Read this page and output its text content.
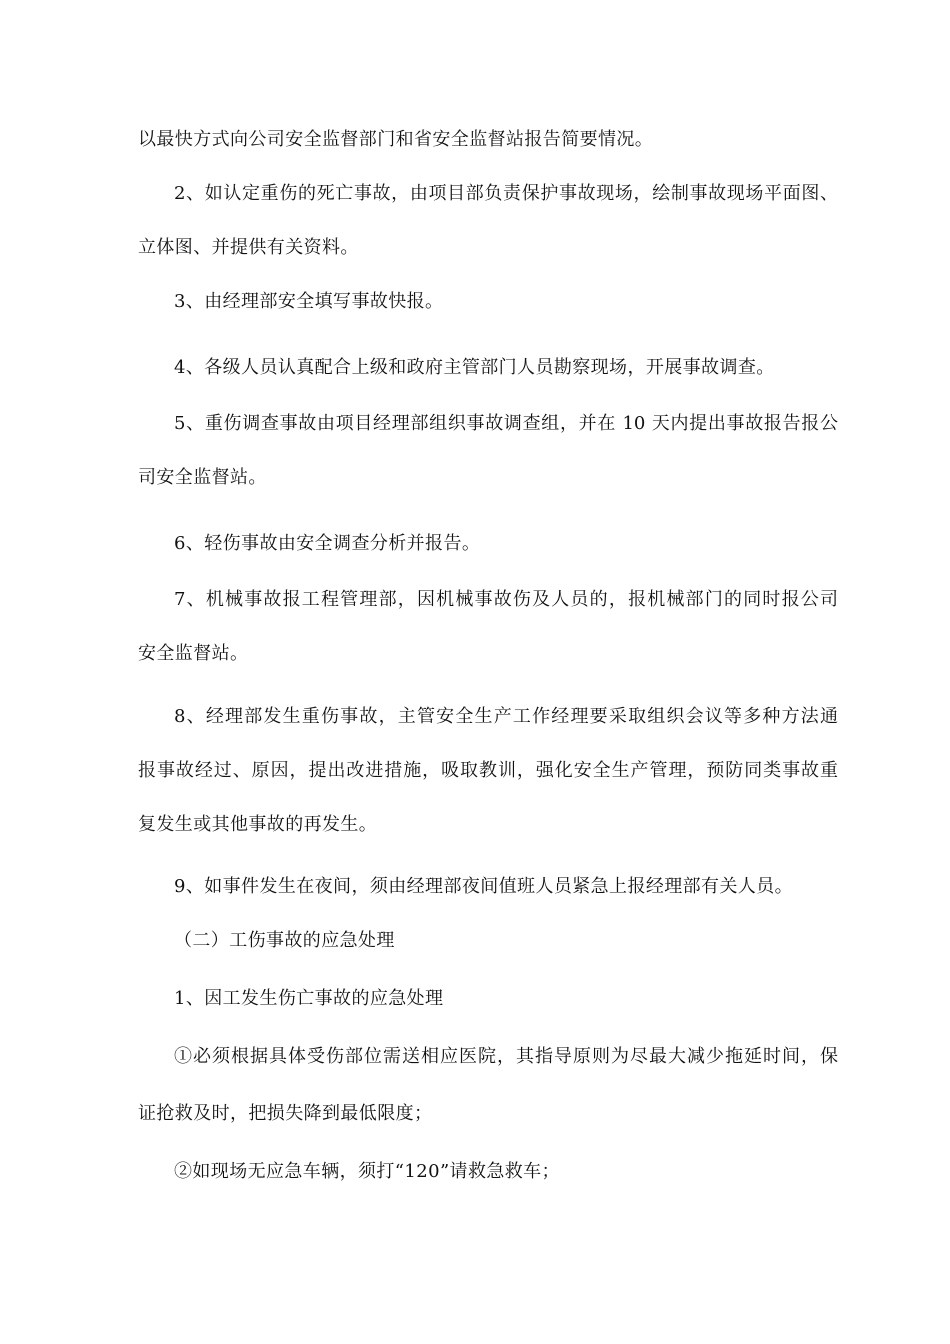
以最快方式向公司安全监督部门和省安全监督站报告简要情况。
2、如认定重伤的死亡事故，由项目部负责保护事故现场，绘制事故现场平面图、
立体图、并提供有关资料。
3、由经理部安全填写事故快报。
4、各级人员认真配合上级和政府主管部门人员勘察现场，开展事故调查。
5、重伤调查事故由项目经理部组织事故调查组，并在 10 天内提出事故报告报公
司安全监督站。
6、轻伤事故由安全调查分析并报告。
7、机械事故报工程管理部，因机械事故伤及人员的，报机械部门的同时报公司
安全监督站。
8、经理部发生重伤事故，主管安全生产工作经理要采取组织会议等多种方法通
报事故经过、原因，提出改进措施，吸取教训，强化安全生产管理，预防同类事故重
复发生或其他事故的再发生。
9、如事件发生在夜间，须由经理部夜间值班人员紧急上报经理部有关人员。
（二）工伤事故的应急处理
1、因工发生伤亡事故的应急处理
①必须根据具体受伤部位需送相应医院，其指导原则为尽最大减少拖延时间，保
证抢救及时，把损失降到最低限度；
②如现场无应急车辆，须打“120”请救急救车；
